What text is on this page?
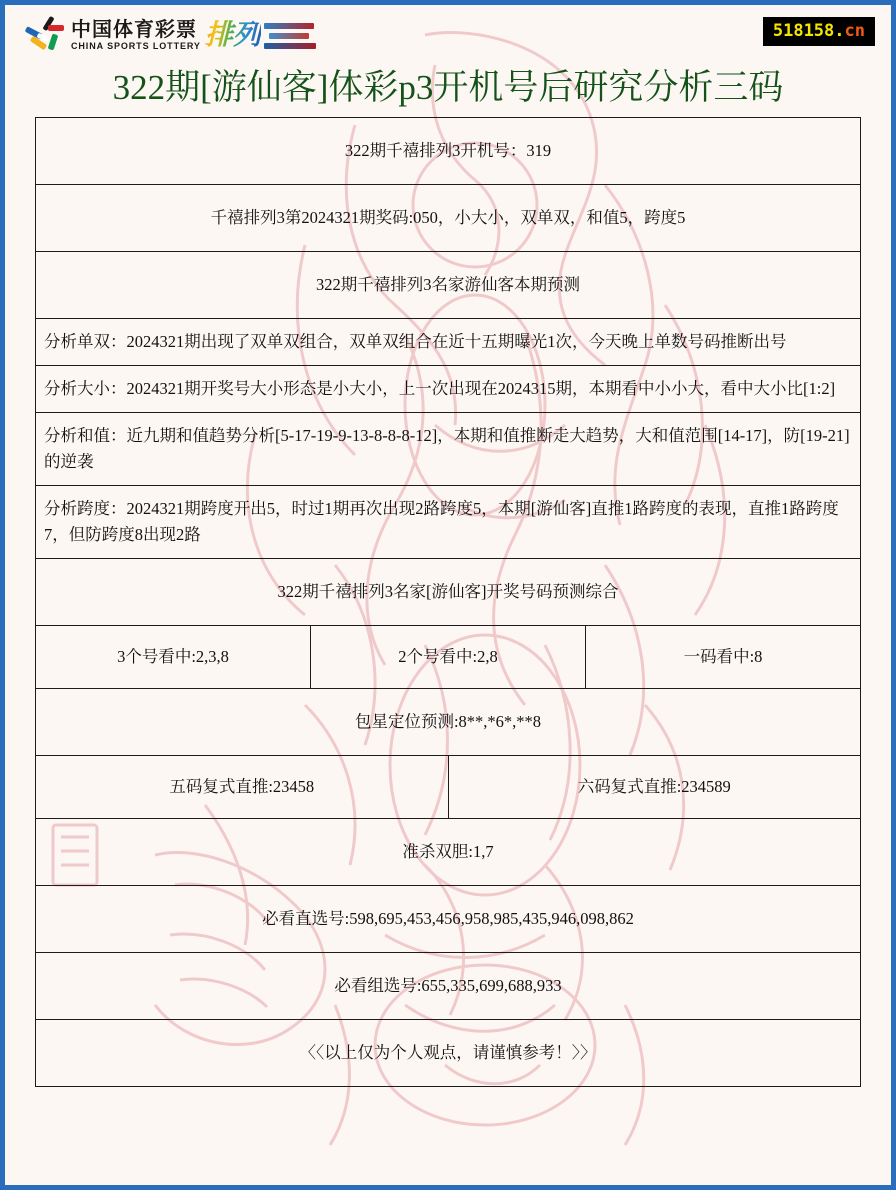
中国体育彩票
CHINA SPORTS LOTTERY 排列	518158.cn
322期[游仙客]体彩p3开机号后研究分析三码
322期千禧排列3开机号：319			
千禧排列3第2024321期奖码:050，小大小，双单双，和值5，跨度5			
322期千禧排列3名家游仙客本期预测			
分析单双：2024321期出现了双单双组合，双单双组合在近十五期曝光1次，今天晚上单数号码推断出号			
分析大小：2024321期开奖号大小形态是小大小，上一次出现在2024315期，本期看中小小大，看中大小比[1:2]			
分析和值：近九期和值趋势分析[5-17-19-9-13-8-8-8-12]，本期和值推断走大趋势，大和值范围[14-17]，防[19-21]的逆袭			
分析跨度：2024321期跨度开出5，时过1期再次出现2路跨度5，本期[游仙客]直推1路跨度的表现，直推1路跨度7，但防跨度8出现2路			
322期千禧排列3名家[游仙客]开奖号码预测综合			
3个号看中:2,3,8	2个号看中:2,8		一码看中:8
包星定位预测:8**,*6*,**8			
五码复式直推:23458		六码复式直推:234589	
准杀双胆:1,7			
必看直选号:598,695,453,456,958,985,435,946,098,862			
必看组选号:655,335,699,688,933			
〈〈以上仅为个人观点，请谨慎参考！〉〉			
